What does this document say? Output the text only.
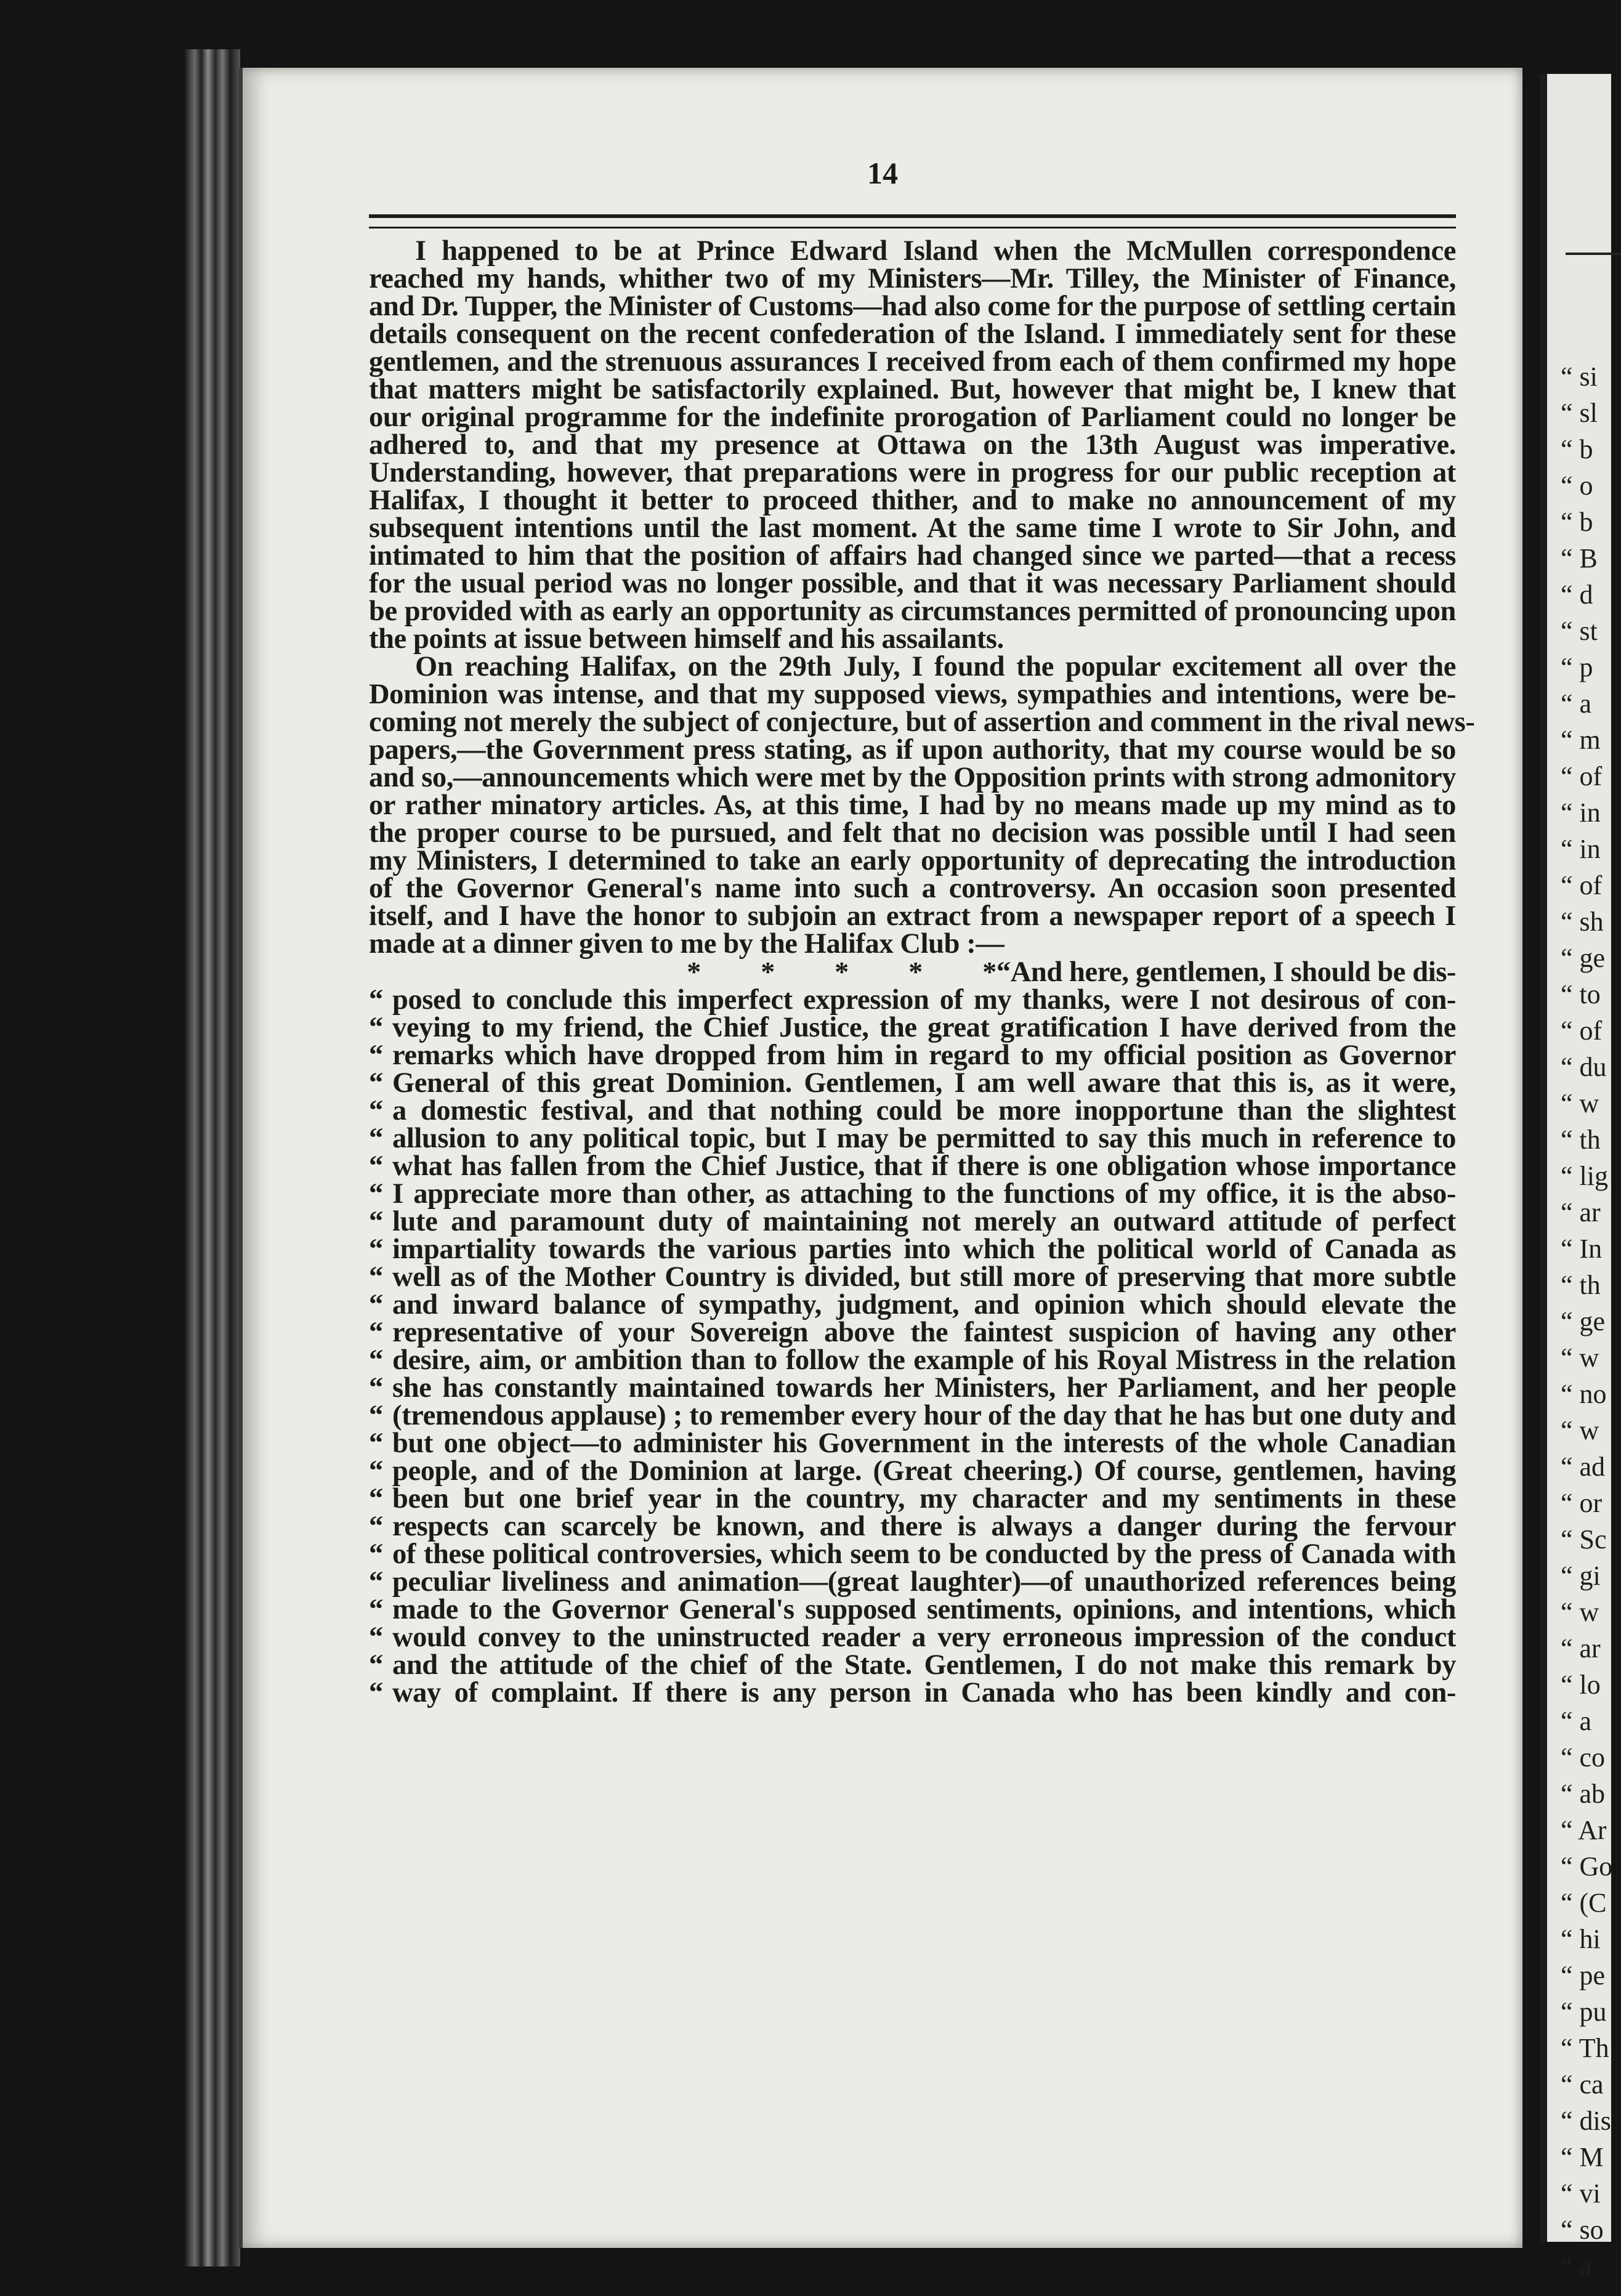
14
I happened to be at Prince Edward Island when the McMullen correspondence
reached my hands, whither two of my Ministers—Mr. Tilley, the Minister of Finance,
and Dr. Tupper, the Minister of Customs—had also come for the purpose of settling certain
details consequent on the recent confederation of the Island. I immediately sent for these
gentlemen, and the strenuous assurances I received from each of them confirmed my hope
that matters might be satisfactorily explained. But, however that might be, I knew that
our original programme for the indefinite prorogation of Parliament could no longer be
adhered to, and that my presence at Ottawa on the 13th August was imperative.
Understanding, however, that preparations were in progress for our public reception at
Halifax, I thought it better to proceed thither, and to make no announcement of my
subsequent intentions until the last moment. At the same time I wrote to Sir John, and
intimated to him that the position of affairs had changed since we parted—that a recess
for the usual period was no longer possible, and that it was necessary Parliament should
be provided with as early an opportunity as circumstances permitted of pronouncing upon
the points at issue between himself and his assailants.
On reaching Halifax, on the 29th July, I found the popular excitement all over the
Dominion was intense, and that my supposed views, sympathies and intentions, were be-
coming not merely the subject of conjecture, but of assertion and comment in the rival news-
papers,—the Government press stating, as if upon authority, that my course would be so
and so,—announcements which were met by the Opposition prints with strong admonitory
or rather minatory articles. As, at this time, I had by no means made up my mind as to
the proper course to be pursued, and felt that no decision was possible until I had seen
my Ministers, I determined to take an early opportunity of deprecating the introduction
of the Governor General's name into such a controversy. An occasion soon presented
itself, and I have the honor to subjoin an extract from a newspaper report of a speech I
made at a dinner given to me by the Halifax Club :—
* * * * *“And here, gentlemen, I should be dis-
“ posed to conclude this imperfect expression of my thanks, were I not desirous of con-
“ veying to my friend, the Chief Justice, the great gratification I have derived from the
“ remarks which have dropped from him in regard to my official position as Governor
“ General of this great Dominion. Gentlemen, I am well aware that this is, as it were,
“ a domestic festival, and that nothing could be more inopportune than the slightest
“ allusion to any political topic, but I may be permitted to say this much in reference to
“ what has fallen from the Chief Justice, that if there is one obligation whose importance
“ I appreciate more than other, as attaching to the functions of my office, it is the abso-
“ lute and paramount duty of maintaining not merely an outward attitude of perfect
“ impartiality towards the various parties into which the political world of Canada as
“ well as of the Mother Country is divided, but still more of preserving that more subtle
“ and inward balance of sympathy, judgment, and opinion which should elevate the
“ representative of your Sovereign above the faintest suspicion of having any other
“ desire, aim, or ambition than to follow the example of his Royal Mistress in the relation
“ she has constantly maintained towards her Ministers, her Parliament, and her people
“ (tremendous applause) ; to remember every hour of the day that he has but one duty and
“ but one object—to administer his Government in the interests of the whole Canadian
“ people, and of the Dominion at large. (Great cheering.) Of course, gentlemen, having
“ been but one brief year in the country, my character and my sentiments in these
“ respects can scarcely be known, and there is always a danger during the fervour
“ of these political controversies, which seem to be conducted by the press of Canada with
“ peculiar liveliness and animation—(great laughter)—of unauthorized references being
“ made to the Governor General's supposed sentiments, opinions, and intentions, which
“ would convey to the uninstructed reader a very erroneous impression of the conduct
“ and the attitude of the chief of the State. Gentlemen, I do not make this remark by
“ way of complaint. If there is any person in Canada who has been kindly and con-
“ si
“ sl
“ b
“ o
“ b
“ B
“ d
“ st
“ p
“ a
“ m
“ of
“ in
“ in
“ of
“ sh
“ ge
“ to
“ of
“ du
“ w
“ th
“ lig
“ ar
“ In
“ th
“ ge
“ w
“ no
“ w
“ ad
“ or
“ Sc
“ gi
“ w
“ ar
“ lo
“ a
“ co
“ ab
“ Ar
“ Go
“ (C
“ hi
“ pe
“ pu
“ Th
“ ca
“ dis
“ M
“ vi
“ so
“ a
